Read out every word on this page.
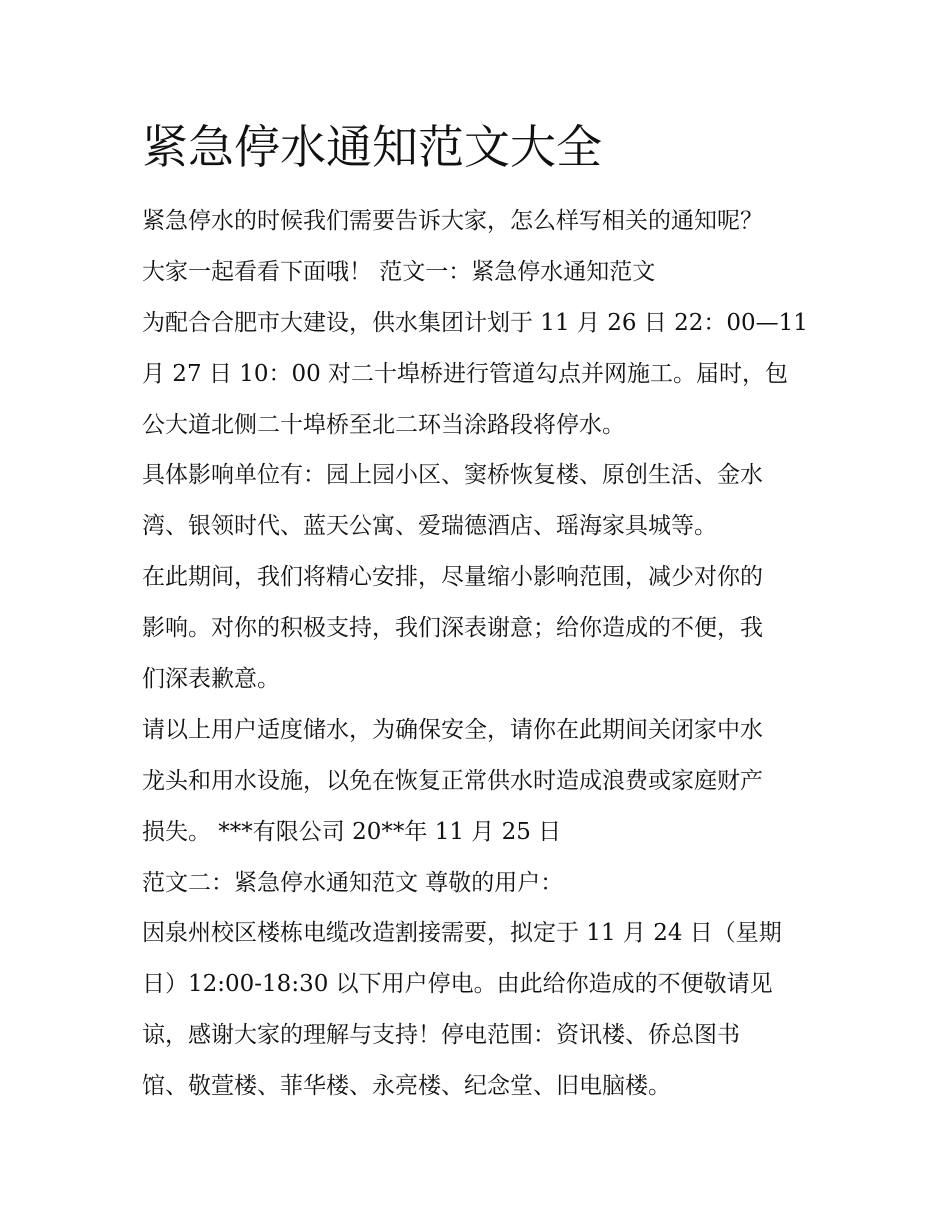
紧急停水通知范文大全

紧急停水的时候我们需要告诉大家，怎么样写相关的通知呢？

大家一起看看下面哦！ 范文一：紧急停水通知范文

为配合合肥市大建设，供水集团计划于 11 月 26 日 22：00—11

月 27 日 10：00 对二十埠桥进行管道勾点并网施工。届时，包

公大道北侧二十埠桥至北二环当涂路段将停水。

具体影响单位有：园上园小区、窦桥恢复楼、原创生活、金水

湾、银领时代、蓝天公寓、爱瑞德酒店、瑶海家具城等。

在此期间，我们将精心安排，尽量缩小影响范围，减少对你的

影响。对你的积极支持，我们深表谢意；给你造成的不便，我

们深表歉意。

请以上用户适度储水，为确保安全，请你在此期间关闭家中水

龙头和用水设施，以免在恢复正常供水时造成浪费或家庭财产

损失。 ***有限公司 20**年 11 月 25 日

范文二：紧急停水通知范文 尊敬的用户：

因泉州校区楼栋电缆改造割接需要，拟定于 11 月 24 日（星期

日）12:00-18:30 以下用户停电。由此给你造成的不便敬请见

谅，感谢大家的理解与支持！停电范围：资讯楼、侨总图书

馆、敬萱楼、菲华楼、永亮楼、纪念堂、旧电脑楼。
